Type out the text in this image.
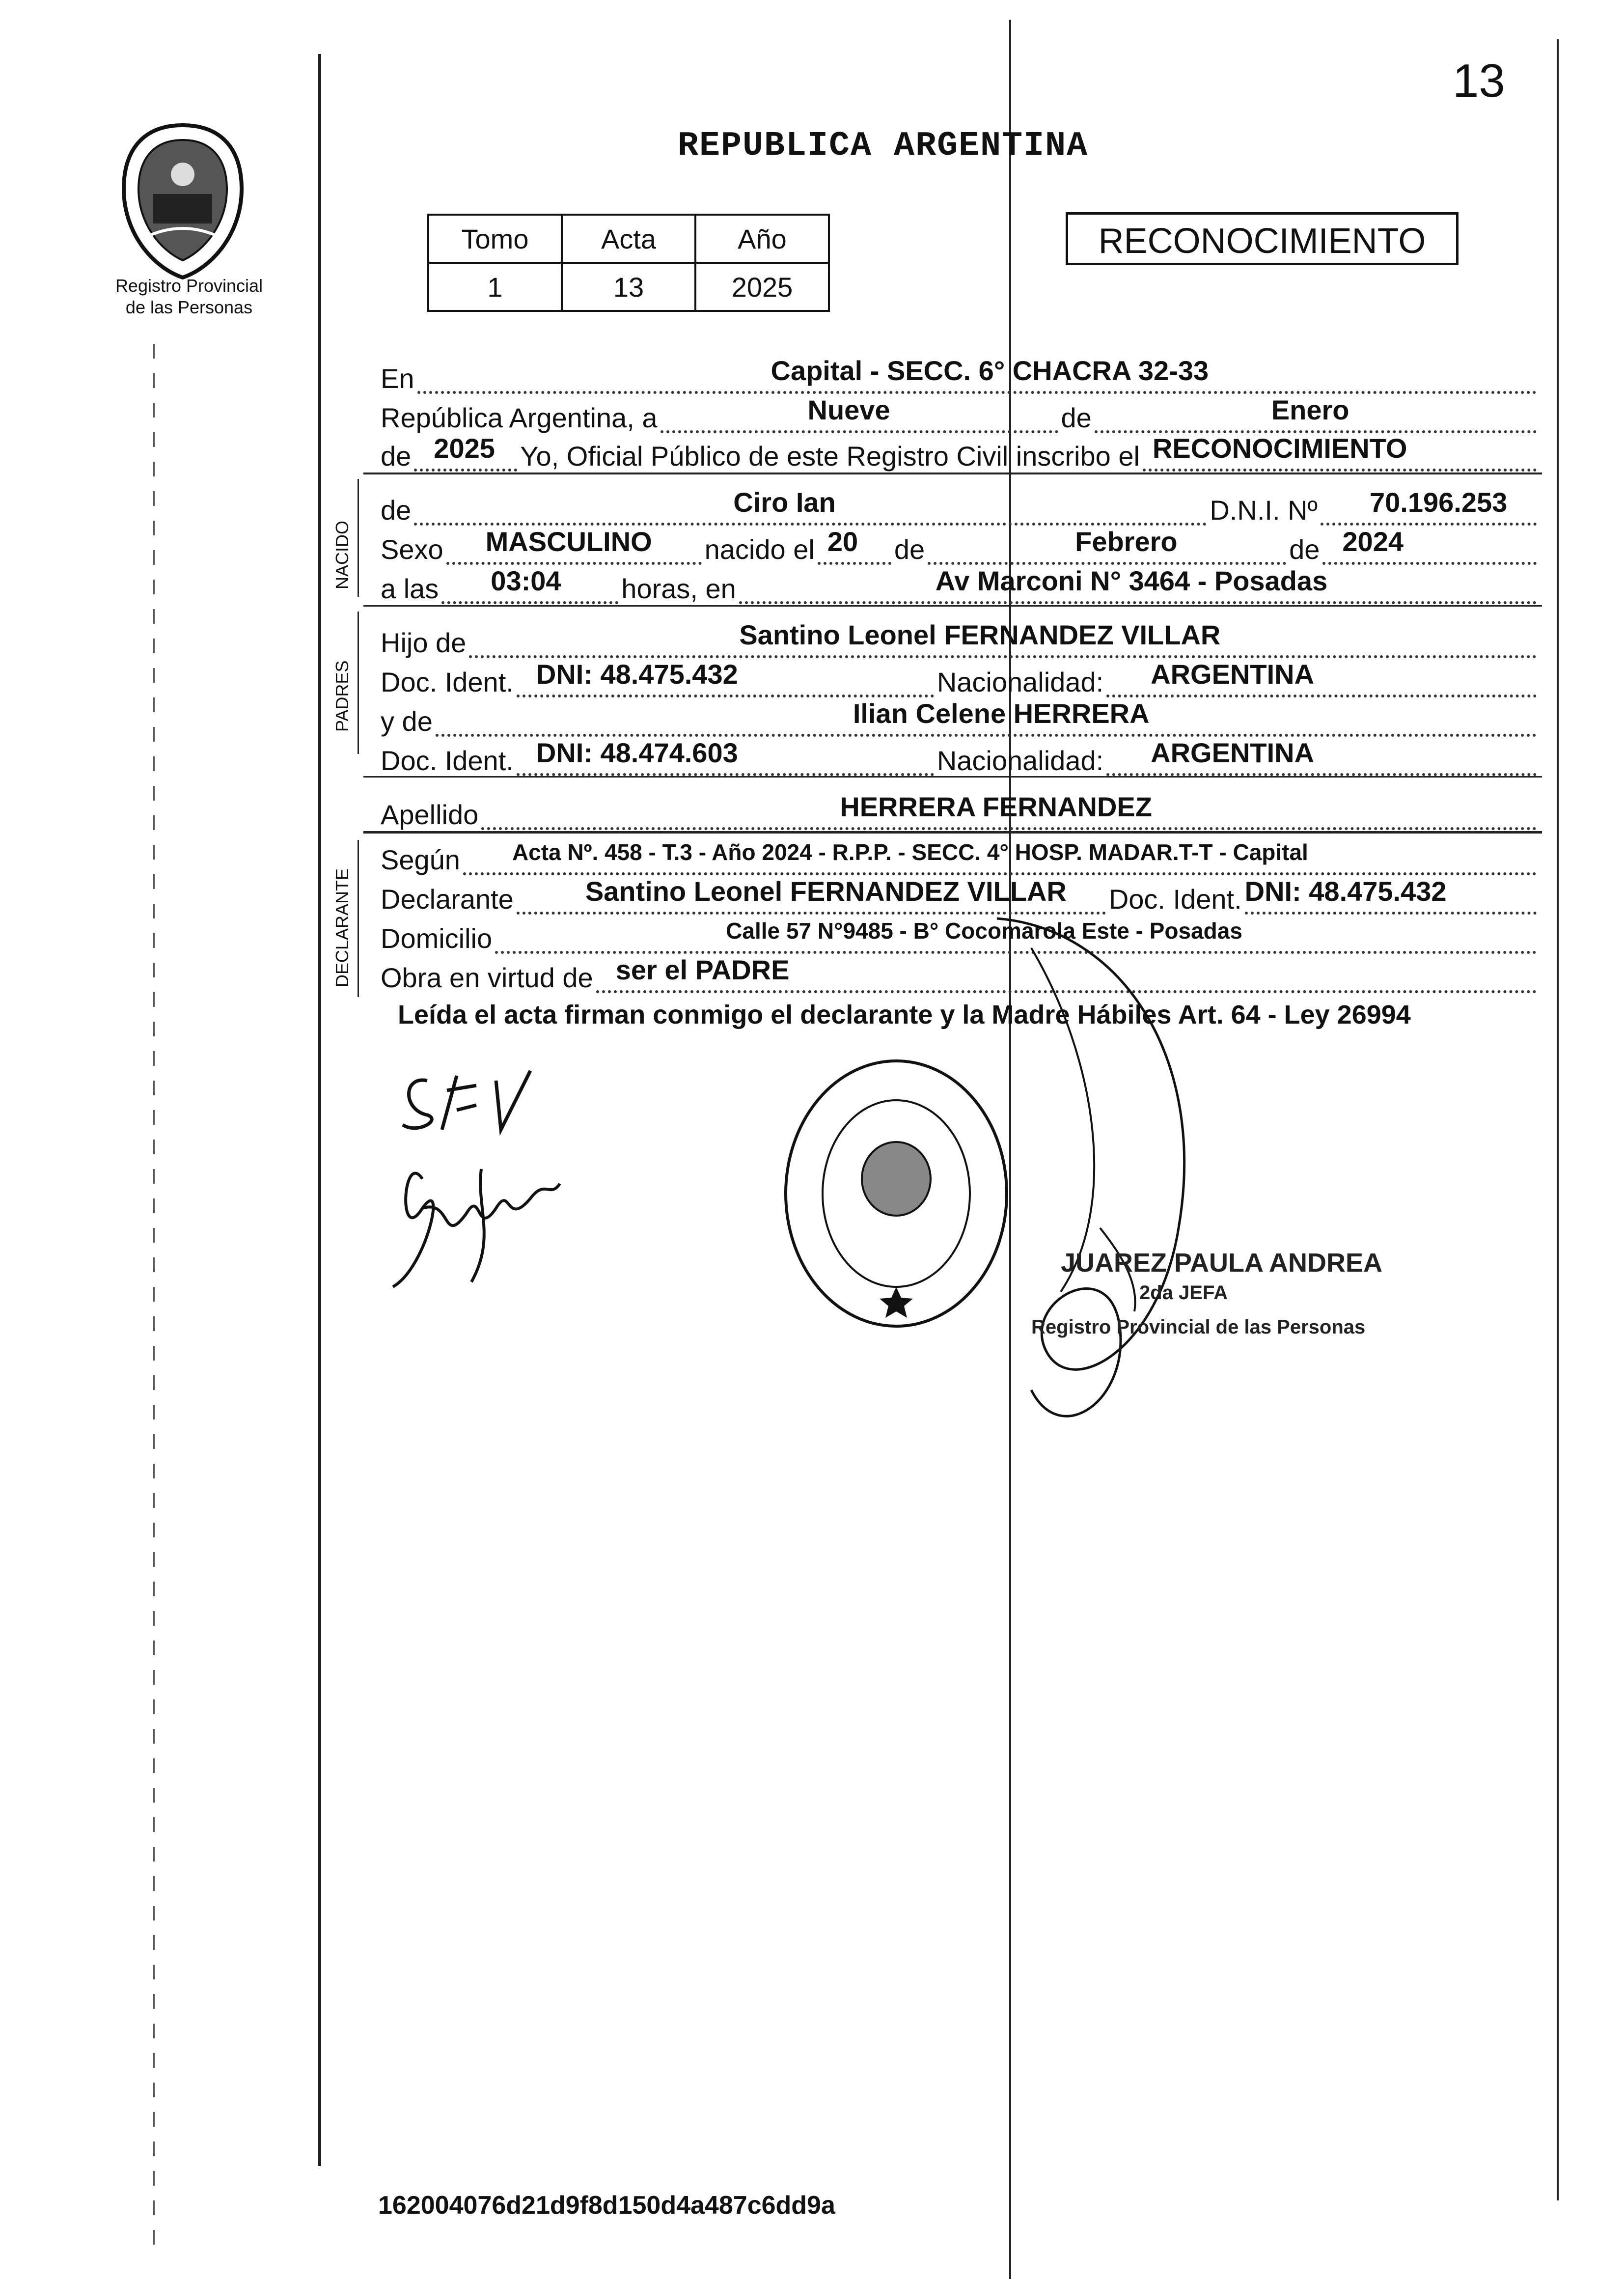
13
REPUBLICA ARGENTINA
Registro Provincial
de las Personas
Tomo	Acta	Año
1	13	2025
RECONOCIMIENTO
En	Capital - SECC. 6° CHACRA 32-33
República Argentina, a	Nueve	de	Enero
de 2025 Yo, Oficial Público de este Registro Civil inscribo el RECONOCIMIENTO
NACIDO
de	Ciro Ian	D.N.I. Nº 70.196.253
Sexo MASCULINO nacido el 20 de	Febrero	de 2024
a las 03:04 horas, en	Av Marconi N° 3464 - Posadas
PADRES
Hijo de	Santino Leonel FERNANDEZ VILLAR
Doc. Ident. DNI: 48.475.432	Nacionalidad: ARGENTINA
y de	Ilian Celene HERRERA
Doc. Ident. DNI: 48.474.603	Nacionalidad: ARGENTINA
Apellido	HERRERA FERNANDEZ
DECLARANTE
Según Acta Nº. 458 - T.3 - Año 2024 - R.P.P. - SECC. 4° HOSP. MADAR.T-T - Capital
Declarante	Santino Leonel FERNANDEZ VILLAR Doc. Ident. DNI: 48.475.432
Domicilio	Calle 57 N°9485 - B° Cocomarola Este - Posadas
Obra en virtud de ser el PADRE
Leída el acta firman conmigo el declarante y la Madre Hábiles Art. 64 - Ley 26994
JUAREZ PAULA ANDREA
2da JEFA
Registro Provincial de las Personas
162004076d21d9f8d150d4a487c6dd9a
